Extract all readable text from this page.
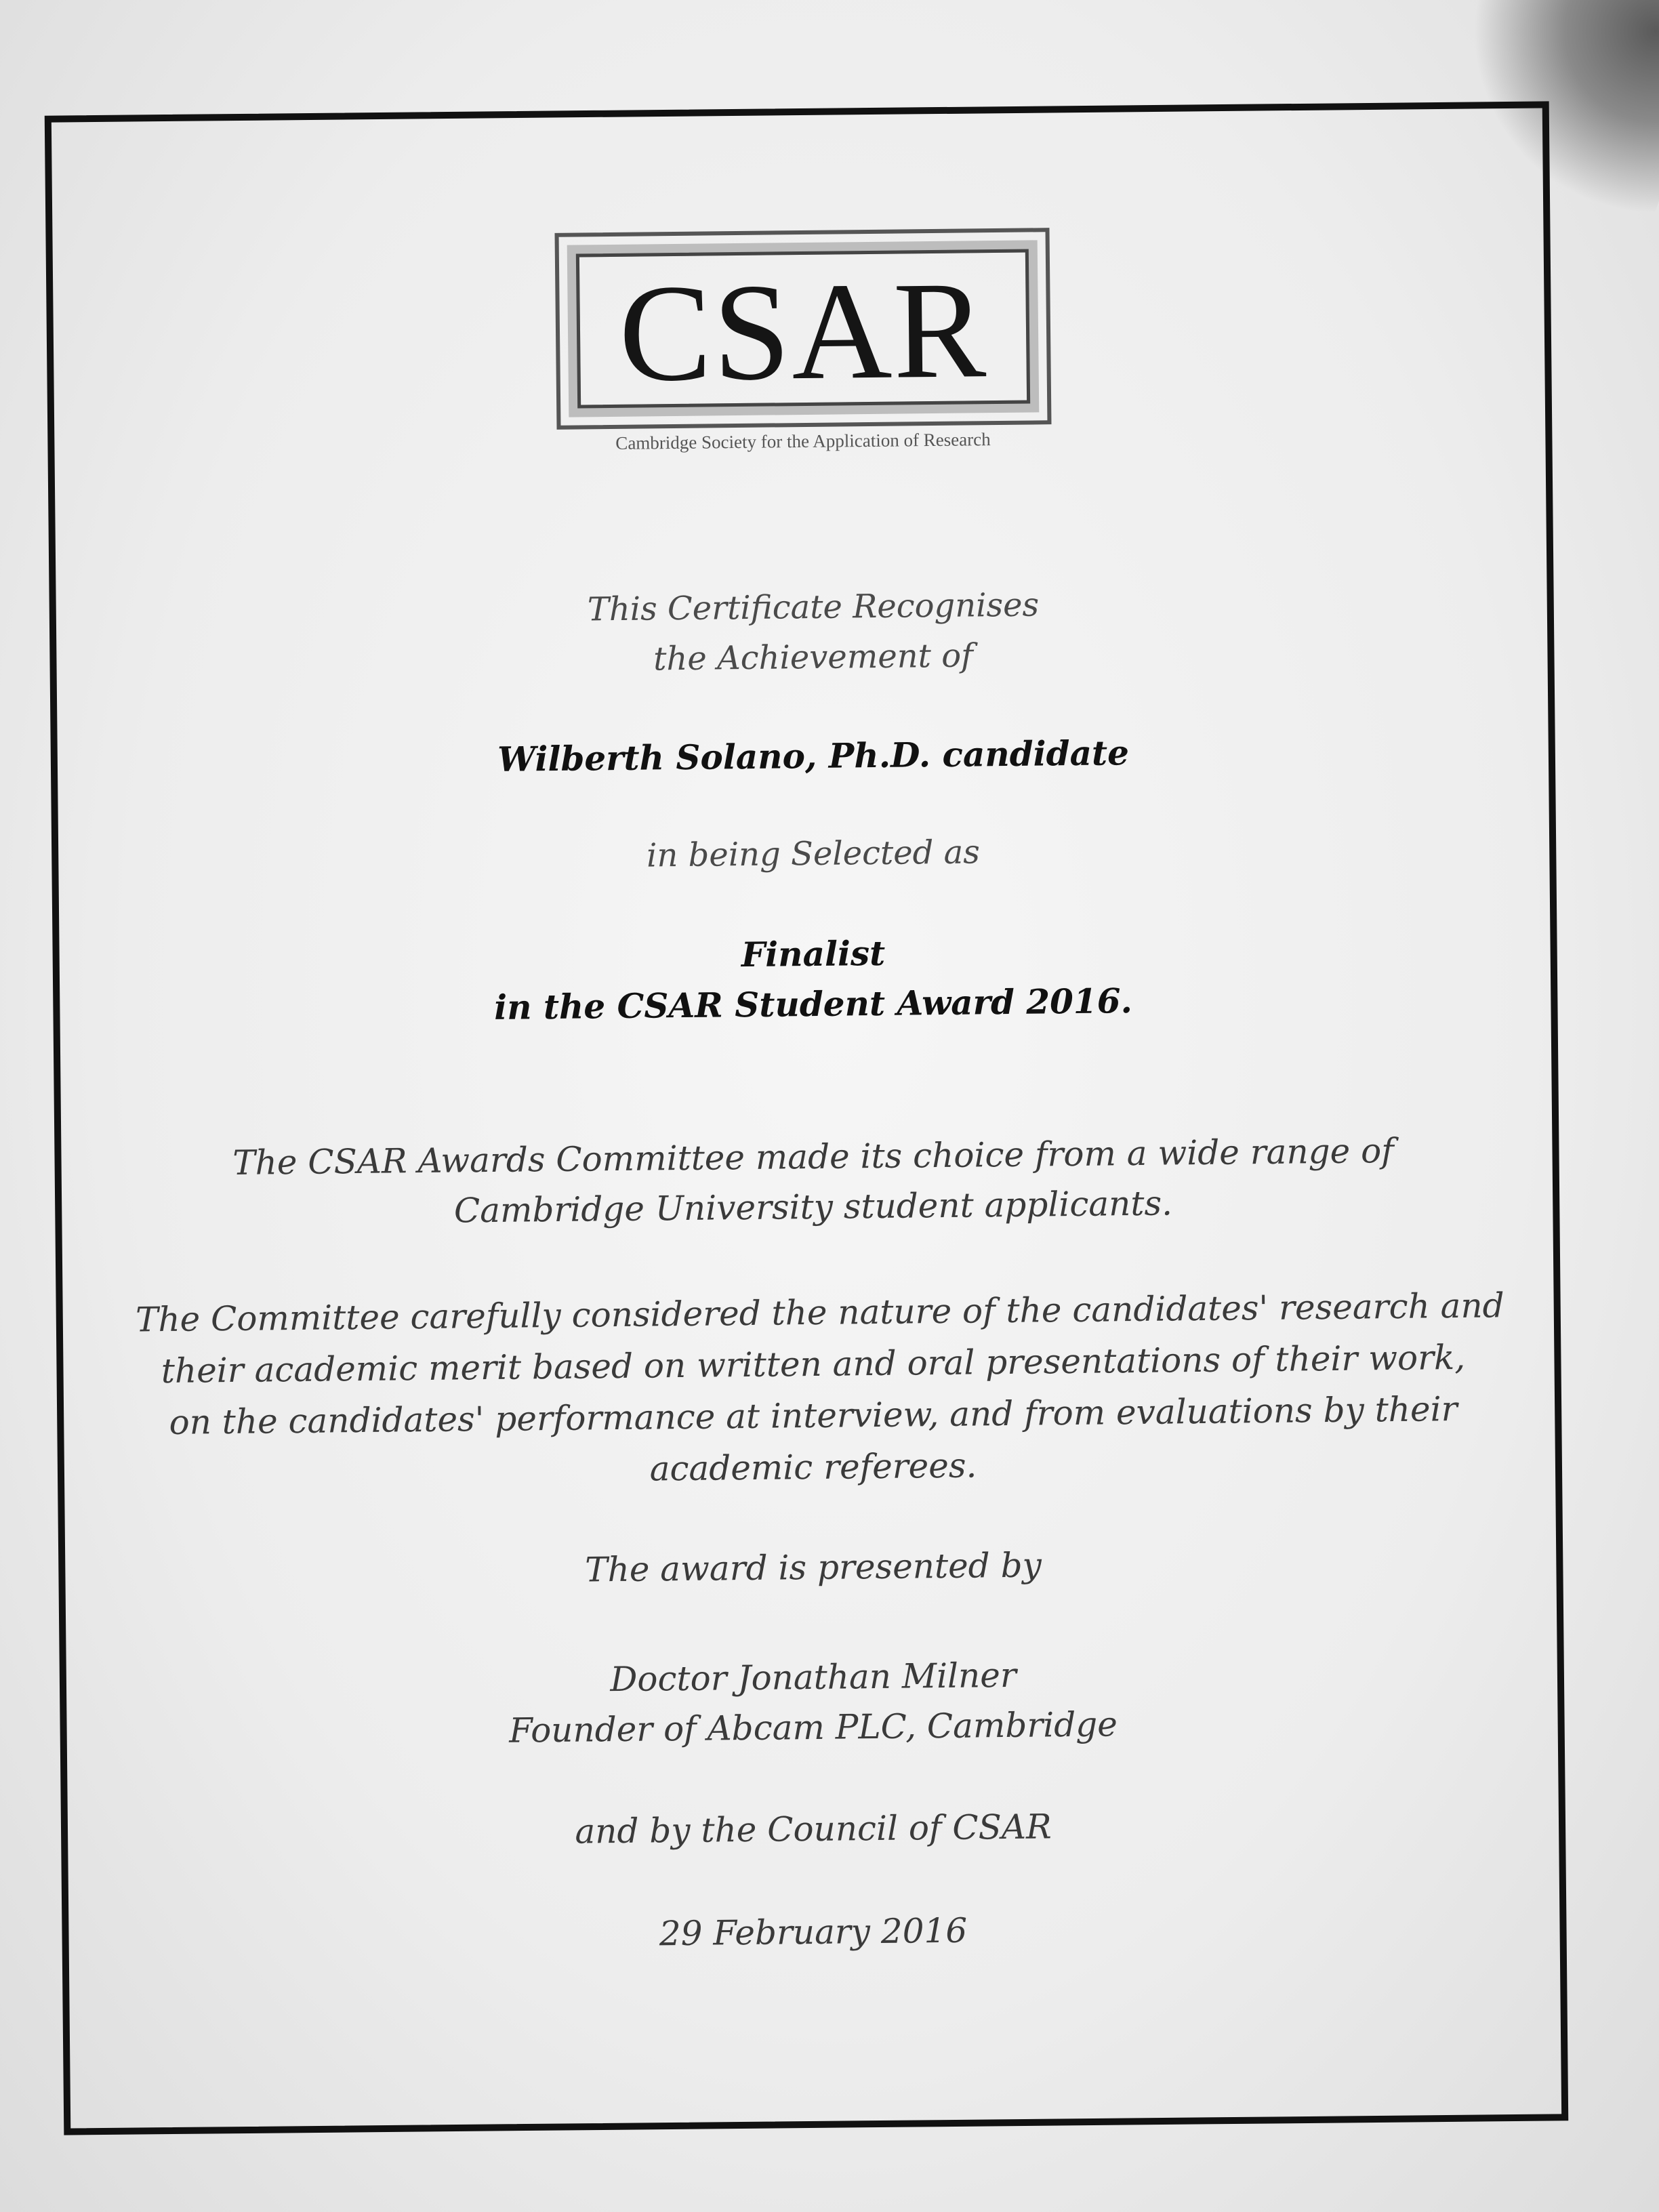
CSAR
Cambridge Society for the Application of Research
This Certificate Recognises
the Achievement of
Wilberth Solano, Ph.D. candidate
in being Selected as
Finalist
in the CSAR Student Award 2016.
The CSAR Awards Committee made its choice from a wide range of
Cambridge University student applicants.
The Committee carefully considered the nature of the candidates' research and
their academic merit based on written and oral presentations of their work,
on the candidates' performance at interview, and from evaluations by their
academic referees.
The award is presented by
Doctor Jonathan Milner
Founder of Abcam PLC, Cambridge
and by the Council of CSAR
29 February 2016
